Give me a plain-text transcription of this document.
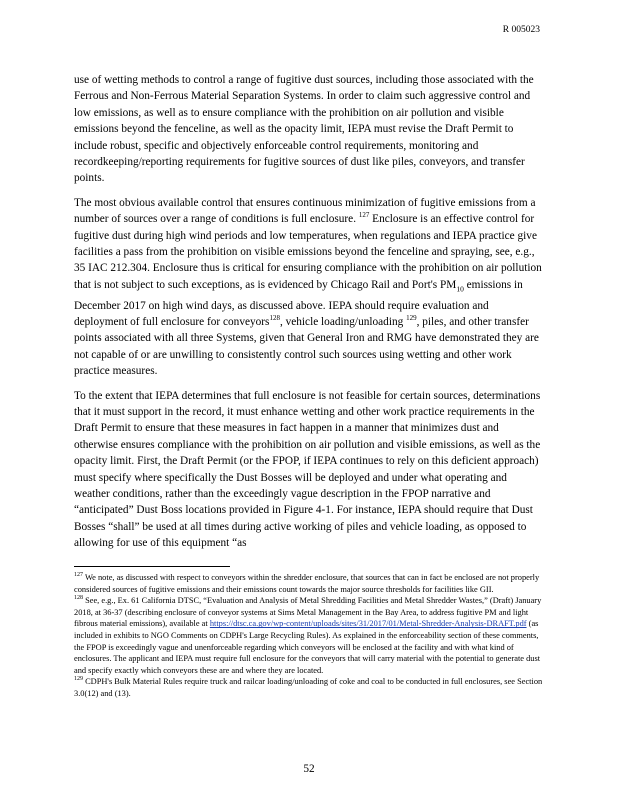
R 005023

use of wetting methods to control a range of fugitive dust sources, including those associated with the Ferrous and Non-Ferrous Material Separation Systems. In order to claim such aggressive control and low emissions, as well as to ensure compliance with the prohibition on air pollution and visible emissions beyond the fenceline, as well as the opacity limit, IEPA must revise the Draft Permit to include robust, specific and objectively enforceable control requirements, monitoring and recordkeeping/reporting requirements for fugitive sources of dust like piles, conveyors, and transfer points.

The most obvious available control that ensures continuous minimization of fugitive emissions from a number of sources over a range of conditions is full enclosure. $^{127}$ Enclosure is an effective control for fugitive dust during high wind periods and low temperatures, when regulations and IEPA practice give facilities a pass from the prohibition on visible emissions beyond the fenceline and spraying, see, e.g., 35 IAC 212.304. Enclosure thus is critical for ensuring compliance with the prohibition on air pollution that is not subject to such exceptions, as is evidenced by Chicago Rail and Port's $PM_{10}$ emissions in December 2017 on high wind days, as discussed above. IEPA should require evaluation and deployment of full enclosure for conveyors$^{128}$, vehicle loading/unloading $^{129}$, piles, and other transfer points associated with all three Systems, given that General Iron and RMG have demonstrated they are not capable of or are unwilling to consistently control such sources using wetting and other work practice measures.

To the extent that IEPA determines that full enclosure is not feasible for certain sources, determinations that it must support in the record, it must enhance wetting and other work practice requirements in the Draft Permit to ensure that these measures in fact happen in a manner that minimizes dust and otherwise ensures compliance with the prohibition on air pollution and visible emissions, as well as the opacity limit. First, the Draft Permit (or the FPOP, if IEPA continues to rely on this deficient approach) must specify where specifically the Dust Bosses will be deployed and under what operating and weather conditions, rather than the exceedingly vague description in the FPOP narrative and “anticipated” Dust Boss locations provided in Figure 4-1. For instance, IEPA should require that Dust Bosses “shall” be used at all times during active working of piles and vehicle loading, as opposed to allowing for use of this equipment “as

$^{127}$ We note, as discussed with respect to conveyors within the shredder enclosure, that sources that can in fact be enclosed are not properly considered sources of fugitive emissions and their emissions count towards the major source thresholds for facilities like GII.

$^{128}$ See, e.g., Ex. 61 California DTSC, “Evaluation and Analysis of Metal Shredding Facilities and Metal Shredder Wastes,” (Draft) January 2018, at 36-37 (describing enclosure of conveyor systems at Sims Metal Management in the Bay Area, to address fugitive PM and light fibrous material emissions), available at https://dtsc.ca.gov/wp-content/uploads/sites/31/2017/01/Metal-Shredder-Analysis-DRAFT.pdf (as included in exhibits to NGO Comments on CDPH's Large Recycling Rules). As explained in the enforceability section of these comments, the FPOP is exceedingly vague and unenforceable regarding which conveyors will be enclosed at the facility and with what kind of enclosures. The applicant and IEPA must require full enclosure for the conveyors that will carry material with the potential to generate dust and specify exactly which conveyors these are and where they are located.

$^{129}$ CDPH's Bulk Material Rules require truck and railcar loading/unloading of coke and coal to be conducted in full enclosures, see Section 3.0(12) and (13).

52
